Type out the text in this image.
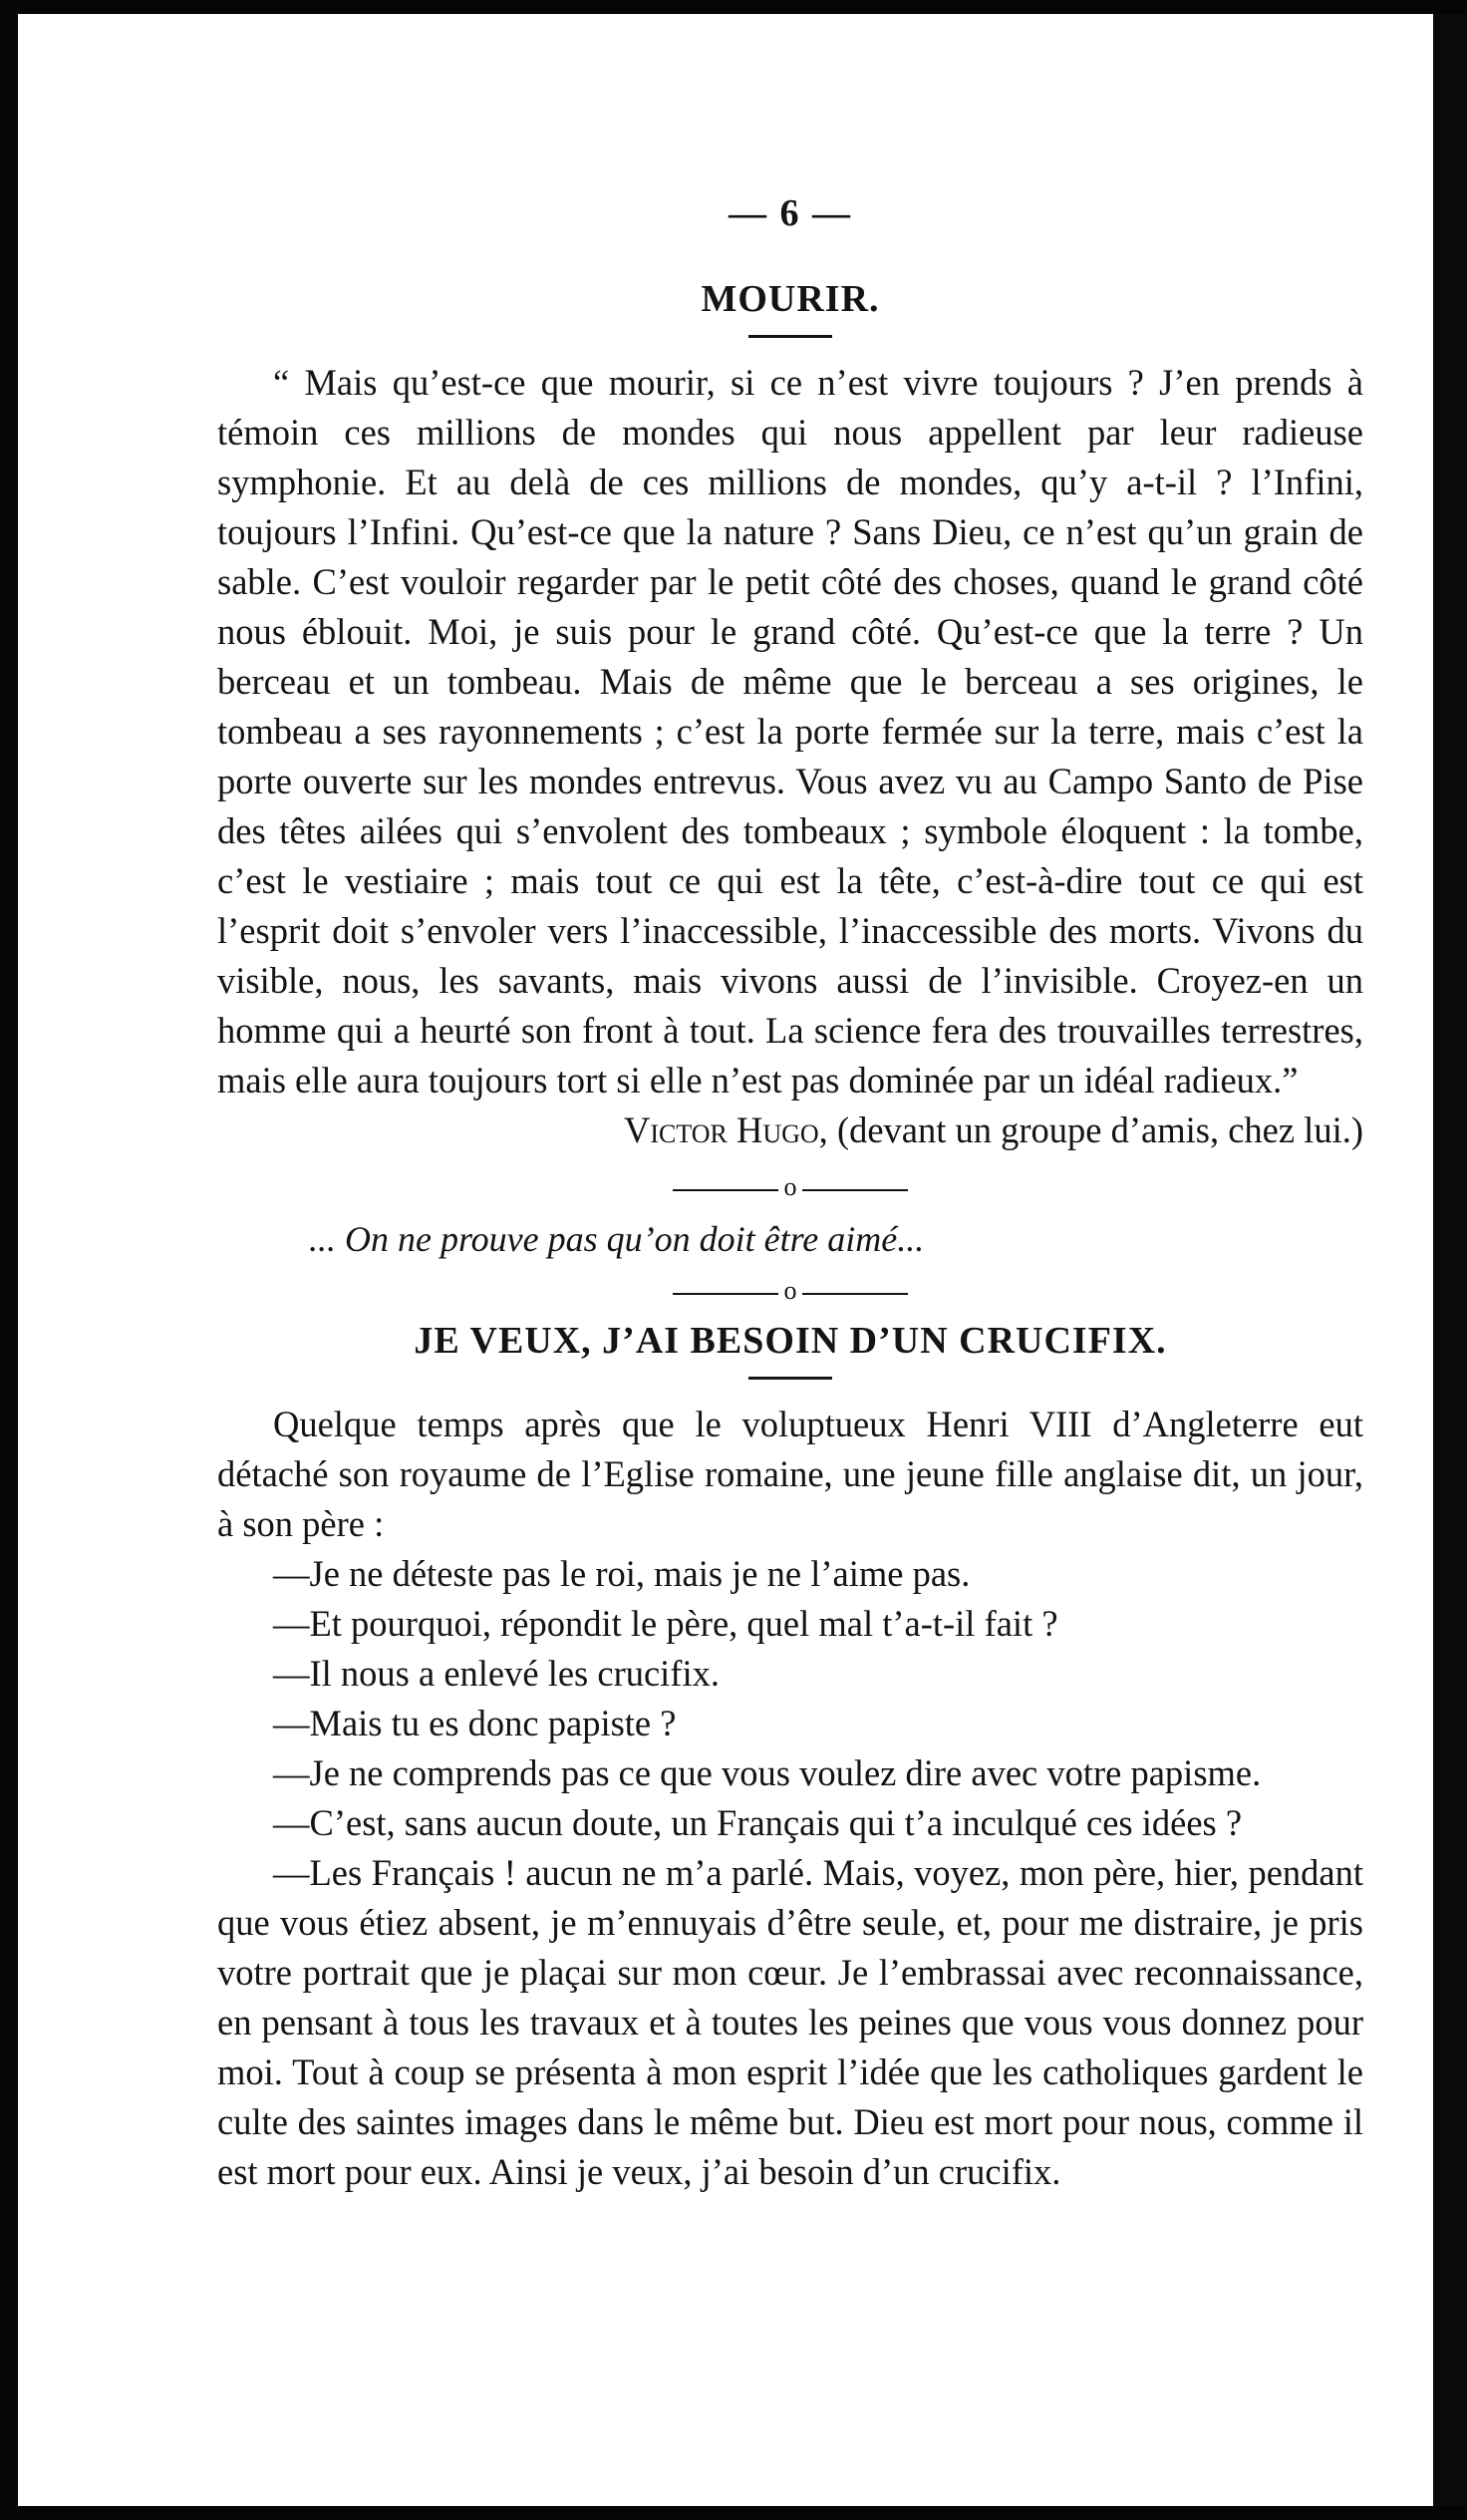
— 6 —

MOURIR.

“ Mais qu’est-ce que mourir, si ce n’est vivre toujours ? J’en prends à témoin ces millions de mondes qui nous appellent par leur radieuse symphonie. Et au delà de ces millions de mondes, qu’y a-t-il ? l’Infini, toujours l’Infini. Qu’est-ce que la nature ? Sans Dieu, ce n’est qu’un grain de sable. C’est vouloir regarder par le petit côté des choses, quand le grand côté nous éblouit. Moi, je suis pour le grand côté. Qu’est-ce que la terre ? Un berceau et un tombeau. Mais de même que le berceau a ses origines, le tombeau a ses rayonnements ; c’est la porte fermée sur la terre, mais c’est la porte ouverte sur les mondes entrevus. Vous avez vu au Campo Santo de Pise des têtes ailées qui s’envolent des tombeaux ; symbole éloquent : la tombe, c’est le vestiaire ; mais tout ce qui est la tête, c’est-à-dire tout ce qui est l’esprit doit s’envoler vers l’inaccessible, l’inaccessible des morts. Vivons du visible, nous, les savants, mais vivons aussi de l’invisible. Croyez-en un homme qui a heurté son front à tout. La science fera des trouvailles terrestres, mais elle aura toujours tort si elle n’est pas dominée par un idéal radieux.”

Victor Hugo, (devant un groupe d’amis, chez lui.)

o

... On ne prouve pas qu’on doit être aimé...

o
JE VEUX, J’AI BESOIN D’UN CRUCIFIX.

Quelque temps après que le voluptueux Henri VIII d’Angleterre eut détaché son royaume de l’Eglise romaine, une jeune fille anglaise dit, un jour, à son père :

—Je ne déteste pas le roi, mais je ne l’aime pas.

—Et pourquoi, répondit le père, quel mal t’a-t-il fait ?

—Il nous a enlevé les crucifix.

—Mais tu es donc papiste ?

—Je ne comprends pas ce que vous voulez dire avec votre papisme.

—C’est, sans aucun doute, un Français qui t’a inculqué ces idées ?

—Les Français ! aucun ne m’a parlé. Mais, voyez, mon père, hier, pendant que vous étiez absent, je m’ennuyais d’être seule, et, pour me distraire, je pris votre portrait que je plaçai sur mon cœur. Je l’embrassai avec reconnaissance, en pensant à tous les travaux et à toutes les peines que vous vous donnez pour moi. Tout à coup se présenta à mon esprit l’idée que les catholiques gardent le culte des saintes images dans le même but. Dieu est mort pour nous, comme il est mort pour eux. Ainsi je veux, j’ai besoin d’un crucifix.
